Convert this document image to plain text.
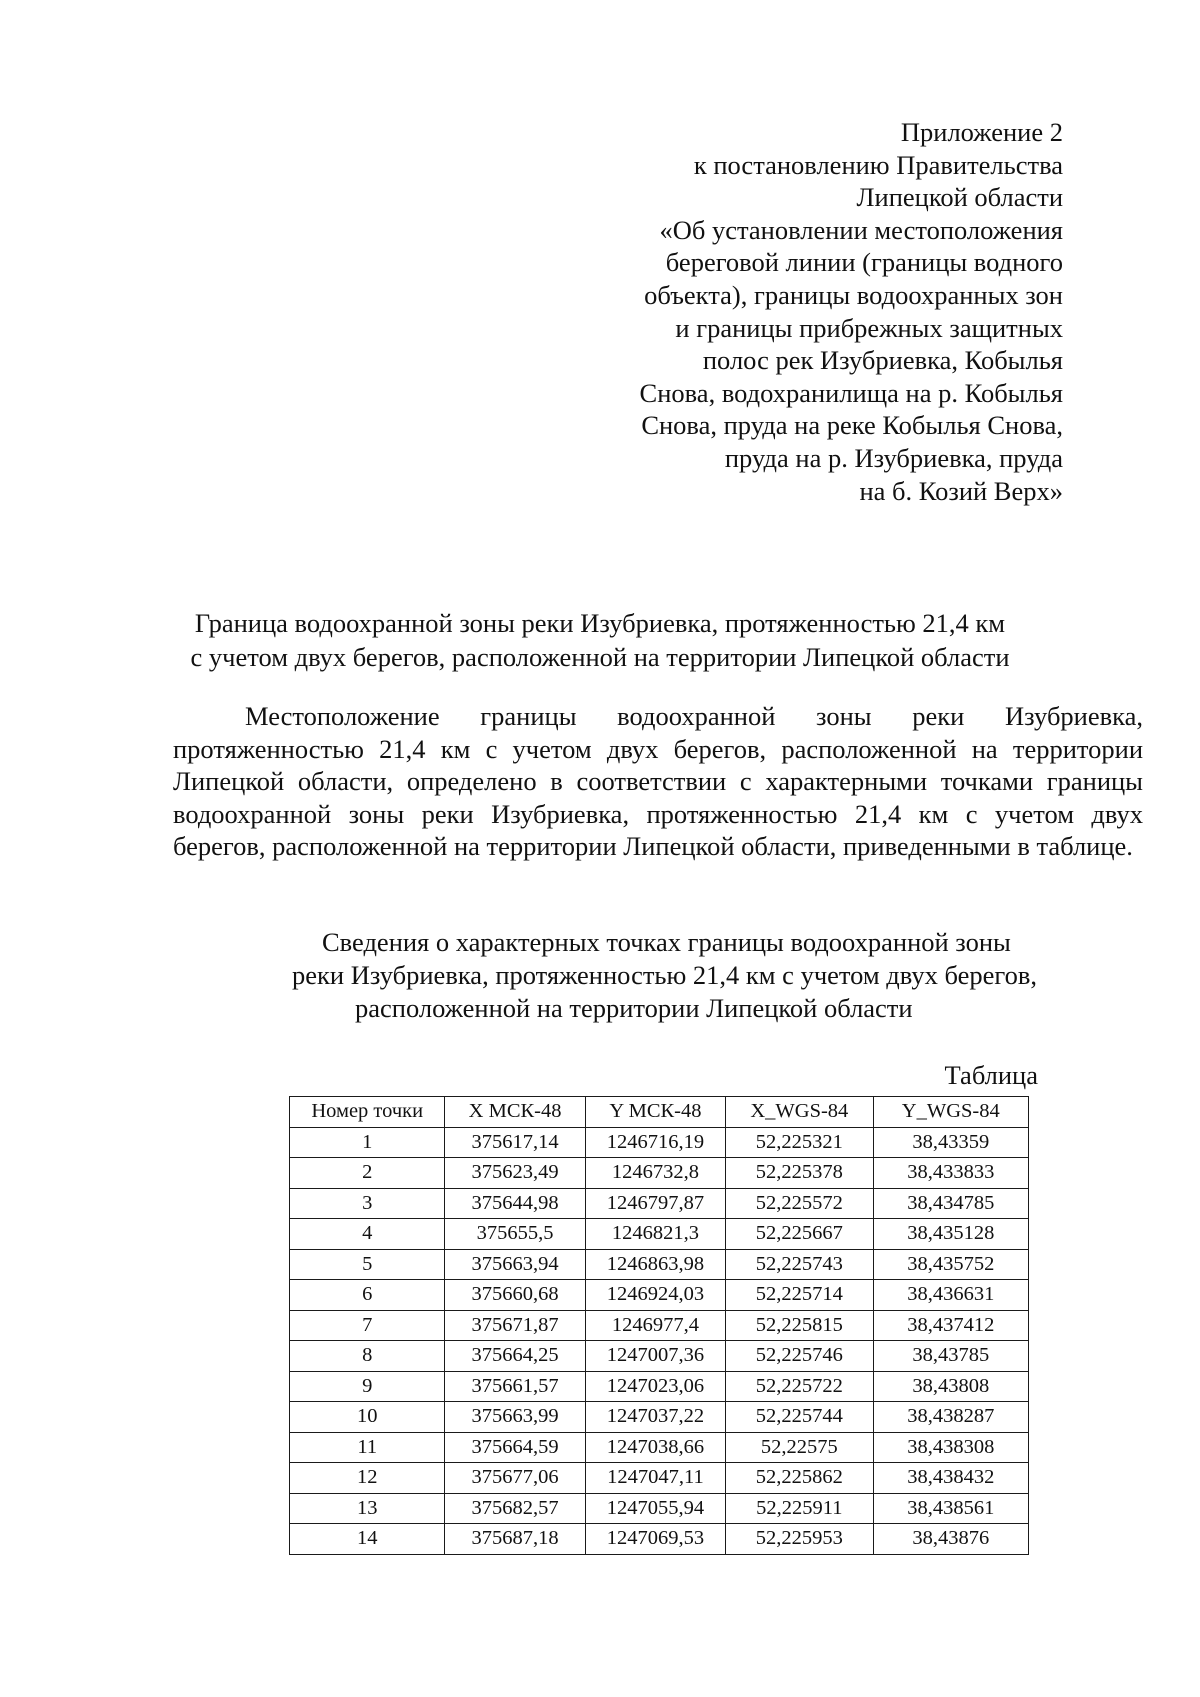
Приложение 2
к постановлению Правительства
Липецкой области
«Об установлении местоположения
береговой линии (границы водного
объекта), границы водоохранных зон
и границы прибрежных защитных
полос рек Изубриевка, Кобылья
Снова, водохранилища на р. Кобылья
Снова, пруда на реке Кобылья Снова,
пруда на р. Изубриевка, пруда
на б. Козий Верх»
Граница водоохранной зоны реки Изубриевка, протяженностью 21,4 км
с учетом двух берегов, расположенной на территории Липецкой области

Местоположение границы водоохранной зоны реки Изубриевка, протяженностью 21,4 км с учетом двух берегов, расположенной на территории Липецкой области, определено в соответствии с характерными точками границы водоохранной зоны реки Изубриевка, протяженностью 21,4 км с учетом двух берегов, расположенной на территории Липецкой области, приведенными в таблице.

Сведения о характерных точках границы водоохранной зоны
реки Изубриевка, протяженностью 21,4 км с учетом двух берегов,
расположенной на территории Липецкой области
Таблица
Номер точки	X МСК-48	Y МСК-48	X_WGS-84	Y_WGS-84
1	375617,14	1246716,19	52,225321	38,43359
2	375623,49	1246732,8	52,225378	38,433833
3	375644,98	1246797,87	52,225572	38,434785
4	375655,5	1246821,3	52,225667	38,435128
5	375663,94	1246863,98	52,225743	38,435752
6	375660,68	1246924,03	52,225714	38,436631
7	375671,87	1246977,4	52,225815	38,437412
8	375664,25	1247007,36	52,225746	38,43785
9	375661,57	1247023,06	52,225722	38,43808
10	375663,99	1247037,22	52,225744	38,438287
11	375664,59	1247038,66	52,22575	38,438308
12	375677,06	1247047,11	52,225862	38,438432
13	375682,57	1247055,94	52,225911	38,438561
14	375687,18	1247069,53	52,225953	38,43876
